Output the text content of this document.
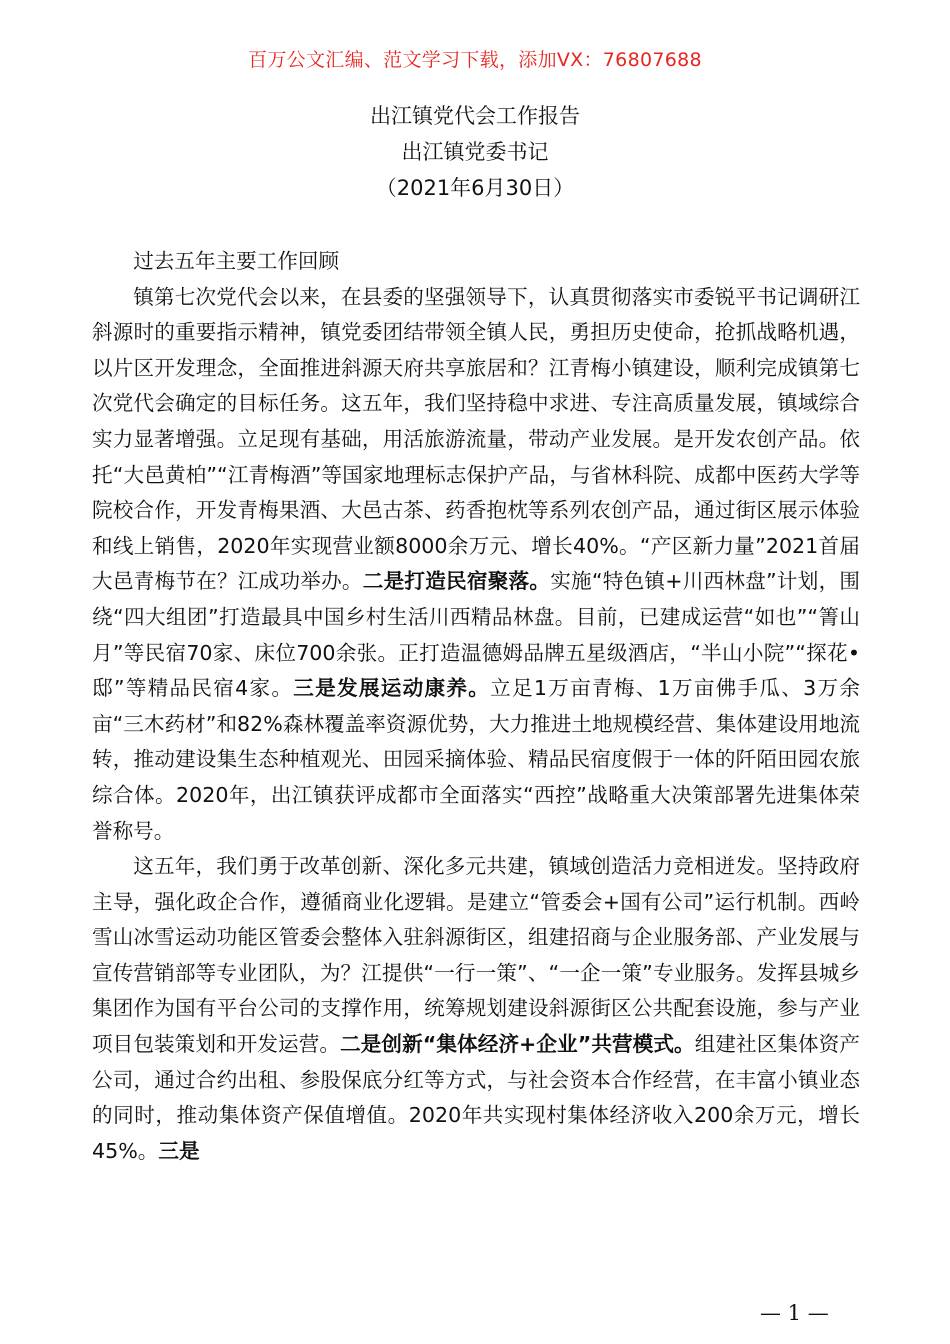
百万公文汇编、范文学习下载，添加VX：76807688
出江镇党代会工作报告
出江镇党委书记
（2021年6月30日）

过去五年主要工作回顾

镇第七次党代会以来，在县委的坚强领导下，认真贯彻落实市委锐平书记调研江斜源时的重要指示精神，镇党委团结带领全镇人民，勇担历史使命，抢抓战略机遇，以片区开发理念，全面推进斜源天府共享旅居和？江青梅小镇建设，顺利完成镇第七次党代会确定的目标任务。这五年，我们坚持稳中求进、专注高质量发展，镇域综合实力显著增强。立足现有基础，用活旅游流量，带动产业发展。是开发农创产品。依托“大邑黄柏”“江青梅酒”等国家地理标志保护产品，与省林科院、成都中医药大学等院校合作，开发青梅果酒、大邑古茶、药香抱枕等系列农创产品，通过街区展示体验和线上销售，2020年实现营业额8000余万元、增长40%。“产区新力量”2021首届大邑青梅节在？江成功举办。二是打造民宿聚落。实施“特色镇+川西林盘”计划，围绕“四大组团”打造最具中国乡村生活川西精品林盘。目前，已建成运营“如也”“箐山月”等民宿70家、床位700余张。正打造温德姆品牌五星级酒店，“半山小院”“探花•邸”等精品民宿4家。三是发展运动康养。立足1万亩青梅、1万亩佛手瓜、3万余亩“三木药材”和82%森林覆盖率资源优势，大力推进土地规模经营、集体建设用地流转，推动建设集生态种植观光、田园采摘体验、精品民宿度假于一体的阡陌田园农旅综合体。2020年，出江镇获评成都市全面落实“西控”战略重大决策部署先进集体荣誉称号。

这五年，我们勇于改革创新、深化多元共建，镇域创造活力竞相迸发。坚持政府主导，强化政企合作，遵循商业化逻辑。是建立“管委会+国有公司”运行机制。西岭雪山冰雪运动功能区管委会整体入驻斜源街区，组建招商与企业服务部、产业发展与宣传营销部等专业团队，为？江提供“一行一策”、“一企一策”专业服务。发挥县城乡集团作为国有平台公司的支撑作用，统筹规划建设斜源街区公共配套设施，参与产业项目包装策划和开发运营。二是创新“集体经济+企业”共营模式。组建社区集体资产公司，通过合约出租、参股保底分红等方式，与社会资本合作经营，在丰富小镇业态的同时，推动集体资产保值增值。2020年共实现村集体经济收入200余万元，增长45%。三是

— 1 —
